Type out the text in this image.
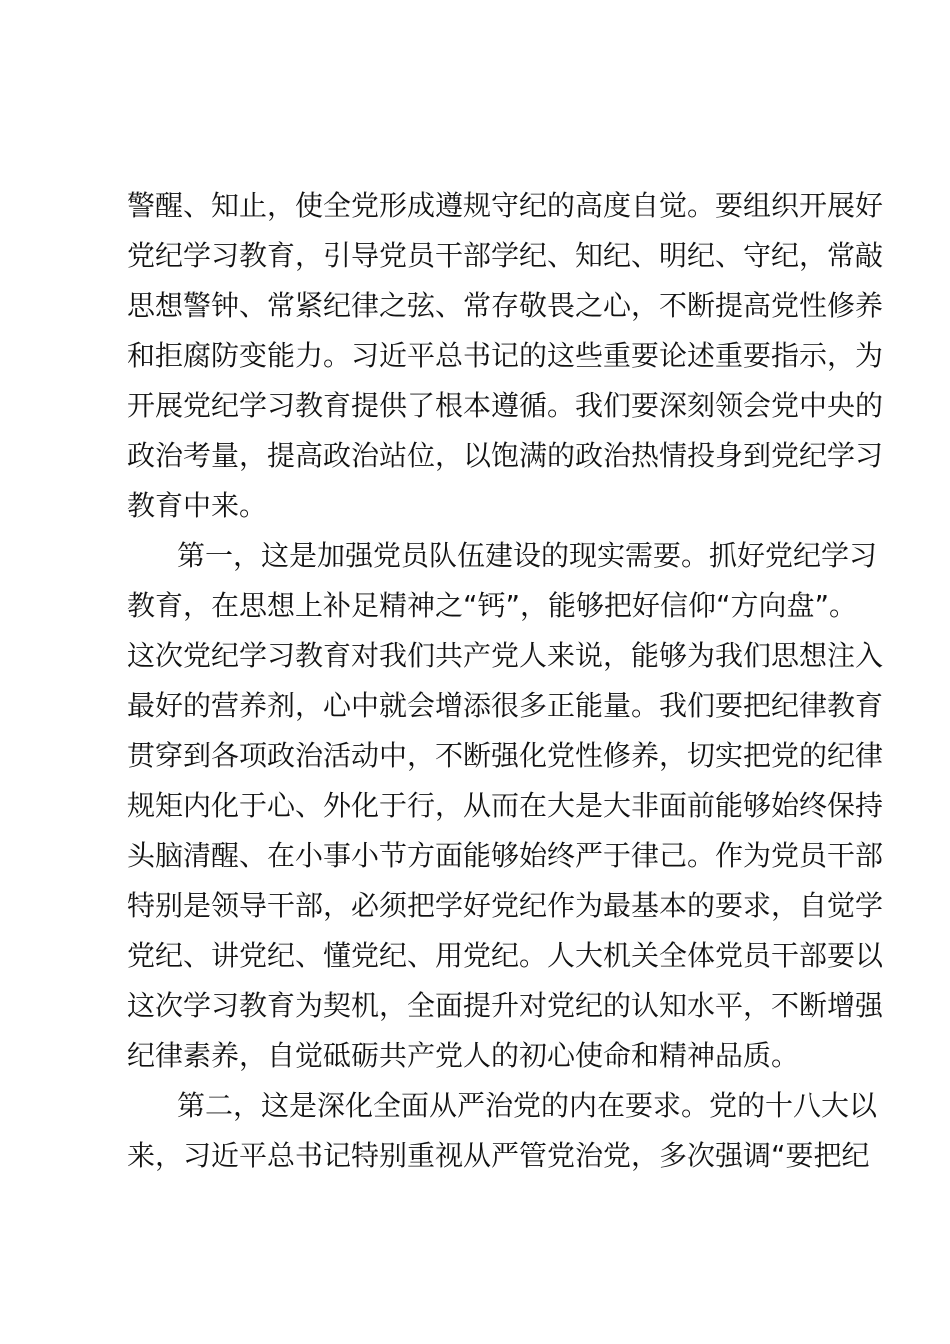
警醒、知止，使全党形成遵规守纪的高度自觉。要组织开展好
党纪学习教育，引导党员干部学纪、知纪、明纪、守纪，常敲
思想警钟、常紧纪律之弦、常存敬畏之心，不断提高党性修养
和拒腐防变能力。习近平总书记的这些重要论述重要指示，为
开展党纪学习教育提供了根本遵循。我们要深刻领会党中央的
政治考量，提高政治站位，以饱满的政治热情投身到党纪学习
教育中来。
第一，这是加强党员队伍建设的现实需要。抓好党纪学习
教育，在思想上补足精神之“钙”，能够把好信仰“方向盘”。
这次党纪学习教育对我们共产党人来说，能够为我们思想注入
最好的营养剂，心中就会增添很多正能量。我们要把纪律教育
贯穿到各项政治活动中，不断强化党性修养，切实把党的纪律
规矩内化于心、外化于行，从而在大是大非面前能够始终保持
头脑清醒、在小事小节方面能够始终严于律己。作为党员干部
特别是领导干部，必须把学好党纪作为最基本的要求，自觉学
党纪、讲党纪、懂党纪、用党纪。人大机关全体党员干部要以
这次学习教育为契机，全面提升对党纪的认知水平，不断增强
纪律素养，自觉砥砺共产党人的初心使命和精神品质。
第二，这是深化全面从严治党的内在要求。党的十八大以
来，习近平总书记特别重视从严管党治党，多次强调“要把纪
